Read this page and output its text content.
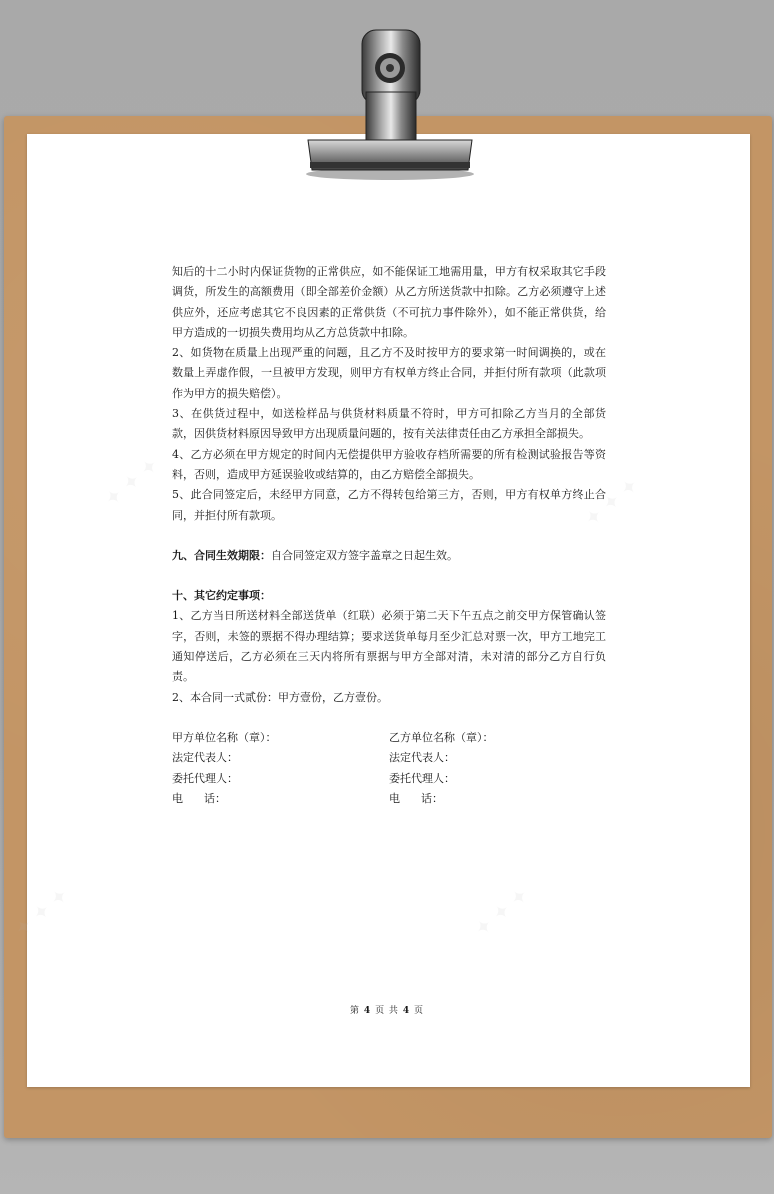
✦ ✦ ✦	✦ ✦ ✦
✦ ✦ ✦	✦ ✦ ✦

知后的十二小时内保证货物的正常供应，如不能保证工地需用量，甲方有权采取其它手段调货，所发生的高额费用（即全部差价金额）从乙方所送货款中扣除。乙方必须遵守上述供应外，还应考虑其它不良因素的正常供货（不可抗力事件除外），如不能正常供货，给甲方造成的一切损失费用均从乙方总货款中扣除。

2、如货物在质量上出现严重的问题，且乙方不及时按甲方的要求第一时间调换的，或在数量上弄虚作假，一旦被甲方发现，则甲方有权单方终止合同，并拒付所有款项（此款项作为甲方的损失赔偿）。

3、在供货过程中，如送检样品与供货材料质量不符时，甲方可扣除乙方当月的全部货款，因供货材料原因导致甲方出现质量问题的，按有关法律责任由乙方承担全部损失。

4、乙方必须在甲方规定的时间内无偿提供甲方验收存档所需要的所有检测试验报告等资料，否则，造成甲方延误验收或结算的，由乙方赔偿全部损失。

5、此合同签定后，未经甲方同意，乙方不得转包给第三方，否则，甲方有权单方终止合同，并拒付所有款项。

九、合同生效期限：自合同签定双方签字盖章之日起生效。

十、其它约定事项：

1、乙方当日所送材料全部送货单（红联）必须于第二天下午五点之前交甲方保管确认签字，否则，未签的票据不得办理结算；要求送货单每月至少汇总对票一次，甲方工地完工通知停送后，乙方必须在三天内将所有票据与甲方全部对清，未对清的部分乙方自行负责。

2、本合同一式贰份：甲方壹份，乙方壹份。

甲方单位名称（章）：	乙方单位名称（章）：
法定代表人：	法定代表人：
委托代理人：	委托代理人：
电      话：	电      话：
第 4 页 共 4 页
